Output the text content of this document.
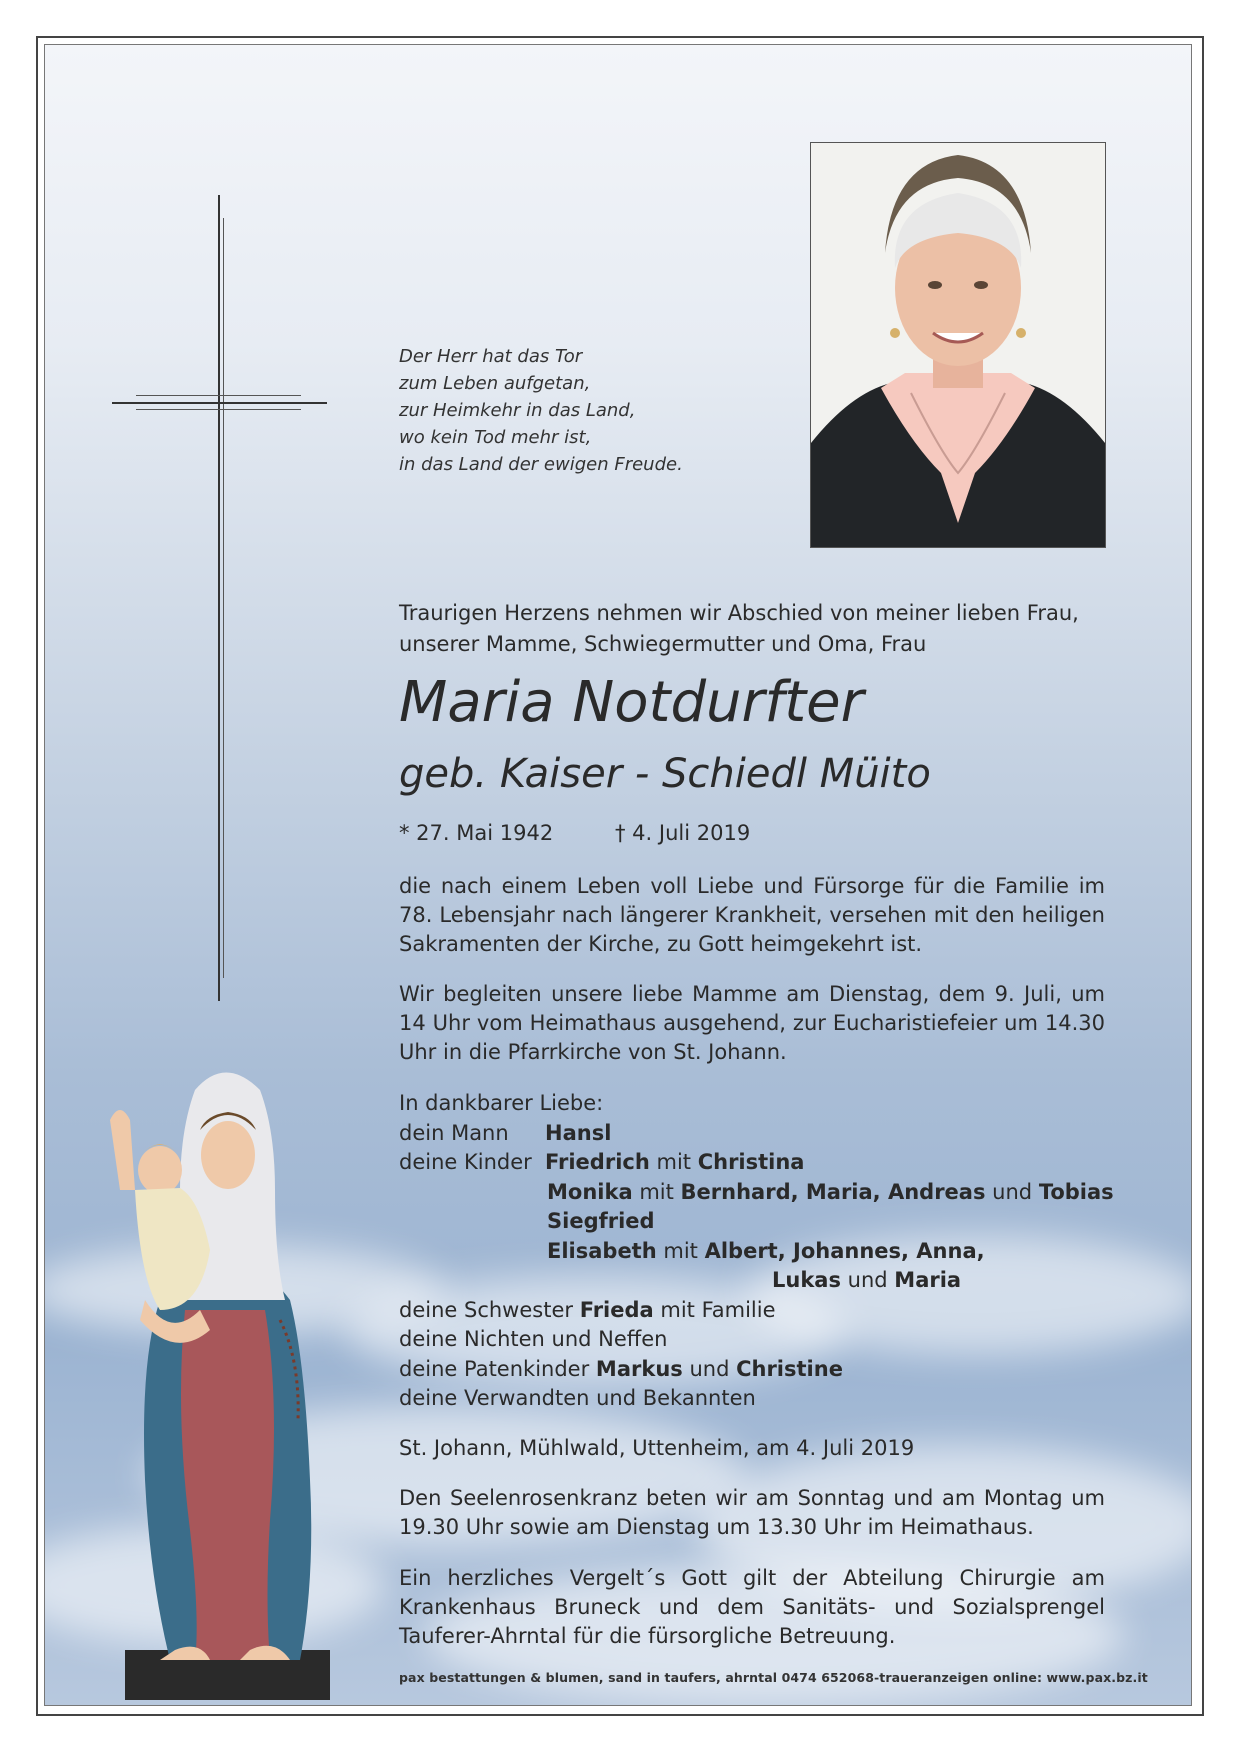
Der Herr hat das Tor
zum Leben aufgetan,
zur Heimkehr in das Land,
wo kein Tod mehr ist,
in das Land der ewigen Freude.
Traurigen Herzens nehmen wir Abschied von meiner lieben Frau,
unserer Mamme, Schwiegermutter und Oma, Frau
Maria Notdurfter
geb. Kaiser - Schiedl Müito
* 27. Mai 1942	† 4. Juli 2019
die nach einem Leben voll Liebe und Fürsorge für die Familie im 78. Lebensjahr nach längerer Krankheit, versehen mit den heiligen Sakramenten der Kirche, zu Gott heimgekehrt ist.
Wir begleiten unsere liebe Mamme am Dienstag, dem 9. Juli, um 14 Uhr vom Heimathaus ausgehend, zur Eucharistiefeier um 14.30 Uhr in die Pfarrkirche von St. Johann.
In dankbarer Liebe:
dein Mann Hansl
deine Kinder Friedrich mit Christina
Monika mit Bernhard, Maria, Andreas und Tobias
Siegfried
Elisabeth mit Albert, Johannes, Anna,
Lukas und Maria
deine Schwester Frieda mit Familie
deine Nichten und Neffen
deine Patenkinder Markus und Christine
deine Verwandten und Bekannten
St. Johann, Mühlwald, Uttenheim, am 4. Juli 2019
Den Seelenrosenkranz beten wir am Sonntag und am Montag um 19.30 Uhr sowie am Dienstag um 13.30 Uhr im Heimathaus.
Ein herzliches Vergelt´s Gott gilt der Abteilung Chirurgie am Krankenhaus Bruneck und dem Sanitäts- und Sozialsprengel Tauferer-Ahrntal für die fürsorgliche Betreuung.
pax bestattungen & blumen, sand in taufers, ahrntal 0474 652068-traueranzeigen online: www.pax.bz.it
